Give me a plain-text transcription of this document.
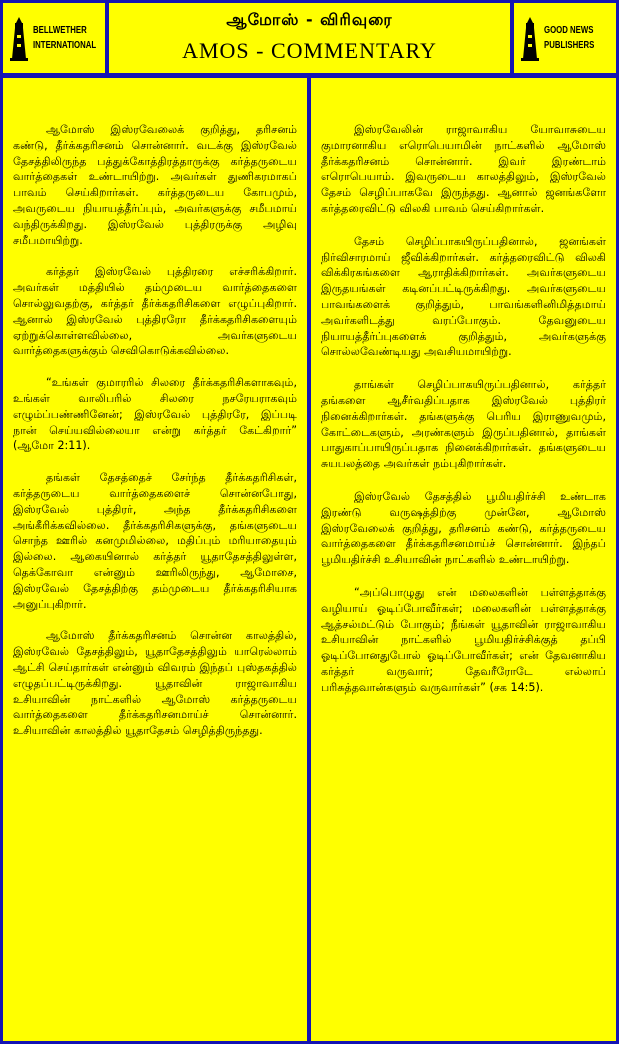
BELLWETHER
INTERNATIONAL
ஆமோஸ் - விரிவுரை
AMOS - COMMENTARY
GOOD NEWS
PUBLISHERS

ஆமோஸ் இஸ்ரவேலைக் குறித்து, தரிசனம் கண்டு, தீர்க்கதரிசனம் சொன்னார். வடக்கு இஸ்ரவேல் தேசத்திலிருந்த பத்துக்கோத்திரத்தாருக்கு கர்த்தருடைய வார்த்தைகள் உண்டாயிற்று. அவர்கள் துணிகரமாகப் பாவம் செய்கிறார்கள். கர்த்தருடைய கோபமும், அவருடைய நியாயத்தீர்ப்பும், அவர்களுக்கு சமீபமாய் வந்திருக்கிறது. இஸ்ரவேல் புத்திரருக்கு அழிவு சமீபமாயிற்று.

கர்த்தர் இஸ்ரவேல் புத்திரரை எச்சரிக்கிறார். அவர்கள் மத்தியில் தம்முடைய வார்த்தைகளை சொல்லுவதற்கு, கர்த்தர் தீர்க்கதரிசிகளை எழுப்புகிறார். ஆனால் இஸ்ரவேல் புத்திரரோ தீர்க்கதரிசிகளையும் ஏற்றுக்கொள்ளவில்லை, அவர்களுடைய வார்த்தைகளுக்கும் செவிகொடுக்கவில்லை.

“உங்கள் குமாரரில் சிலரை தீர்க்கதரிசிகளாகவும், உங்கள் வாலிபரில் சிலரை நசரேயராகவும் எழும்ப்பண்ணினேன்; இஸ்ரவேல் புத்திரரே, இப்படி நான் செய்யவில்லையா என்று கர்த்தர் கேட்கிறார்” (ஆமோ 2:11).

தங்கள் தேசத்தைச் சேர்ந்த தீர்க்கதரிசிகள், கர்த்தருடைய வார்த்தைகளைச் சொன்னபோது, இஸ்ரவேல் புத்திரர், அந்த தீர்க்கதரிசிகளை அங்கீரிக்கவில்லை. தீர்க்கதரிசிகளுக்கு, தங்களுடைய சொந்த ஊரில் கனமுமில்லை, மதிப்பும் மரியாதையும் இல்லை. ஆகையினால் கர்த்தர் யூதாதேசத்திலுள்ள, தெக்கோவா என்னும் ஊரிலிருந்து, ஆமோசை, இஸ்ரவேல் தேசத்திற்கு தம்முடைய தீர்க்கதரிசியாக அனுப்புகிறார்.

ஆமோஸ் தீர்க்கதரிசனம் சொன்ன காலத்தில், இஸ்ரவேல் தேசத்திலும், யூதாதேசத்திலும் யாரெல்லாம் ஆட்சி செய்தார்கள் என்னும் விவரம் இந்தப் புஸ்தகத்தில் எழுதப்பட்டிருக்கிறது. யூதாவின் ராஜாவாகிய உசியாவின் நாட்களில் ஆமோஸ் கர்த்தருடைய வார்த்தைகளை தீர்க்கதரிசனமாய்ச் சொன்னார். உசியாவின் காலத்தில் யூதாதேசம் செழித்திருந்தது.

இஸ்ரவேலின் ராஜாவாகிய யோவாசுடைய குமாரனாகிய எரொபெயாமின் நாட்களில் ஆமோஸ் தீர்க்கதரிசனம் சொன்னார். இவர் இரண்டாம் எரொபெயாம். இவருடைய காலத்திலும், இஸ்ரவேல் தேசம் செழிப்பாகவே இருந்தது. ஆனால் ஜனங்களோ கர்த்தரைவிட்டு விலகி பாவம் செய்கிறார்கள்.

தேசம் செழிப்பாகயிருப்பதினால், ஜனங்கள் நிர்விசாரமாய் ஜீவிக்கிறார்கள். கர்த்தரைவிட்டு விலகி விக்கிரகங்களை ஆராதிக்கிறார்கள். அவர்களுடைய இருதயங்கள் கடினப்பட்டிருக்கிறது. அவர்களுடைய பாவங்களைக் குறித்தும், பாவங்களினிமித்தமாய் அவர்களிடத்து வரப்போகும். தேவனுடைய நியாயத்தீர்ப்புகளைக் குறித்தும், அவர்களுக்கு சொல்லவேண்டியது அவசியமாயிற்று.

தாங்கள் செழிப்பாகயிருப்பதினால், கர்த்தர் தங்களை ஆசீர்வதிப்பதாக இஸ்ரவேல் புத்திரர் நினைக்கிறார்கள். தங்களுக்கு பெரிய இராணுவமும், கோட்டைகளும், அரண்களும் இருப்பதினால், தாங்கள் பாதுகாப்பாயிருப்பதாக நினைக்கிறார்கள். தங்களுடைய சுயபலத்தை அவர்கள் நம்புகிறார்கள்.

இஸ்ரவேல் தேசத்தில் பூமியதிர்ச்சி உண்டாக இரண்டு வருஷத்திற்கு முன்னே, ஆமோஸ் இஸ்ரவேலைக் குறித்து, தரிசனம் கண்டு, கர்த்தருடைய வார்த்தைகளை தீர்க்கதரிசனமாய்ச் சொன்னார். இந்தப் பூமியதிர்ச்சி உசியாவின் நாட்களில் உண்டாயிற்று.

“அப்பொழுது என் மலைகளின் பள்ளத்தாக்கு வழியாய் ஓடிப்போவீர்கள்; மலைகளின் பள்ளத்தாக்கு ஆத்சல்மட்டும் போகும்; நீங்கள் யூதாவின் ராஜாவாகிய உசியாவின் நாட்களில் பூமியதிர்ச்சிக்குத் தப்பி ஓடிப்போனதுபோல் ஓடிப்போவீர்கள்; என் தேவனாகிய கர்த்தர் வருவார்; தேவரீரோடே எல்லாப் பரிசுத்தவான்களும் வருவார்கள்” (சக 14:5).
